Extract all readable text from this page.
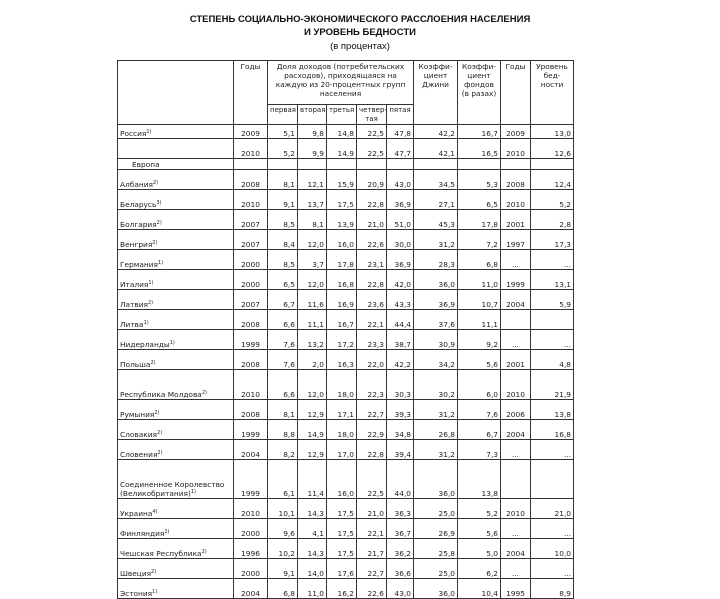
СТЕПЕНЬ СОЦИАЛЬНО-ЭКОНОМИЧЕСКОГО РАССЛОЕНИЯ НАСЕЛЕНИЯ
И УРОВЕНЬ БЕДНОСТИ
(в процентах)
	Годы	Доля доходов (потребительских расходов), приходящаяся на каждую из 20-процентных групп населения					Коэффи-циент Джини	Коэффи-циент фондов (в разах)	Годы	Уровень бед-ности	
		первая	вторая	третья	четвер-тая	пятая					
Россия$^{1)}$	2009	5,1	9,8	14,8	22,5	47,8	42,2	16,7	2009	13,0	
	2010	5,2	9,9	14,9	22,5	47,7	42,1	16,5	2010	12,6	
Европа											
Албания$^{2)}$	2008	8,1	12,1	15,9	20,9	43,0	34,5	5,3	2008	12,4	
Беларусь$^{3)}$	2010	9,1	13,7	17,5	22,8	36,9	27,1	6,5	2010	5,2	
Болгария$^{2)}$	2007	8,5	8,1	13,9	21,0	51,0	45,3	17,8	2001	2,8	
Венгрия$^{2)}$	2007	8,4	12,0	16,0	22,6	30,0	31,2	7,2	1997	17,3	
Германия$^{1)}$	2000	8,5	3,7	17,8	23,1	36,9	28,3	6,8	...	...	
Италия$^{1)}$	2000	6,5	12,0	16,8	22,8	42,0	36,0	11,0	1999	13,1	
Латвия$^{2)}$	2007	6,7	11,6	16,9	23,6	43,3	36,9	10,7	2004	5,9	
Литва$^{1)}$	2008	6,6	11,1	16,7	22,1	44,4	37,6	11,1			
Нидерланды$^{1)}$	1999	7,6	13,2	17,2	23,3	38,7	30,9	9,2	...	...	
Польша$^{2)}$	2008	7,6	2,0	16,3	22,0	42,2	34,2	5,6	2001	4,8	
Республика Молдова$^{2)}$	2010	6,6	12,0	18,0	22,3	30,3	30,2	6,0	2010	21,9	
Румыния$^{2)}$	2008	8,1	12,9	17,1	22,7	39,3	31,2	7,6	2006	13,8	
Словакия$^{2)}$	1999	8,8	14,9	18,0	22,9	34,8	26,8	6,7	2004	16,8	
Словения$^{2)}$	2004	8,2	12,9	17,0	22,8	39,4	31,2	7,3	...	...	
Соединенное Королевство (Великобритания)$^{1)}$	1999	6,1	11,4	16,0	22,5	44,0	36,0	13,8			
Украина$^{4)}$	2010	10,1	14,3	17,5	21,0	36,3	25,0	5,2	2010	21,0	
Финляндия$^{2)}$	2000	9,6	4,1	17,5	22,1	36,7	26,9	5,6	...	...	
Чешская Республика$^{2)}$	1996	10,2	14,3	17,5	21,7	36,2	25,8	5,0	2004	10,0	
Швеция$^{2)}$	2000	9,1	14,0	17,6	22,7	36,6	25,0	6,2	...	...	
Эстония$^{1)}$	2004	6,8	11,0	16,2	22,6	43,0	36,0	10,4	1995	8,9	
